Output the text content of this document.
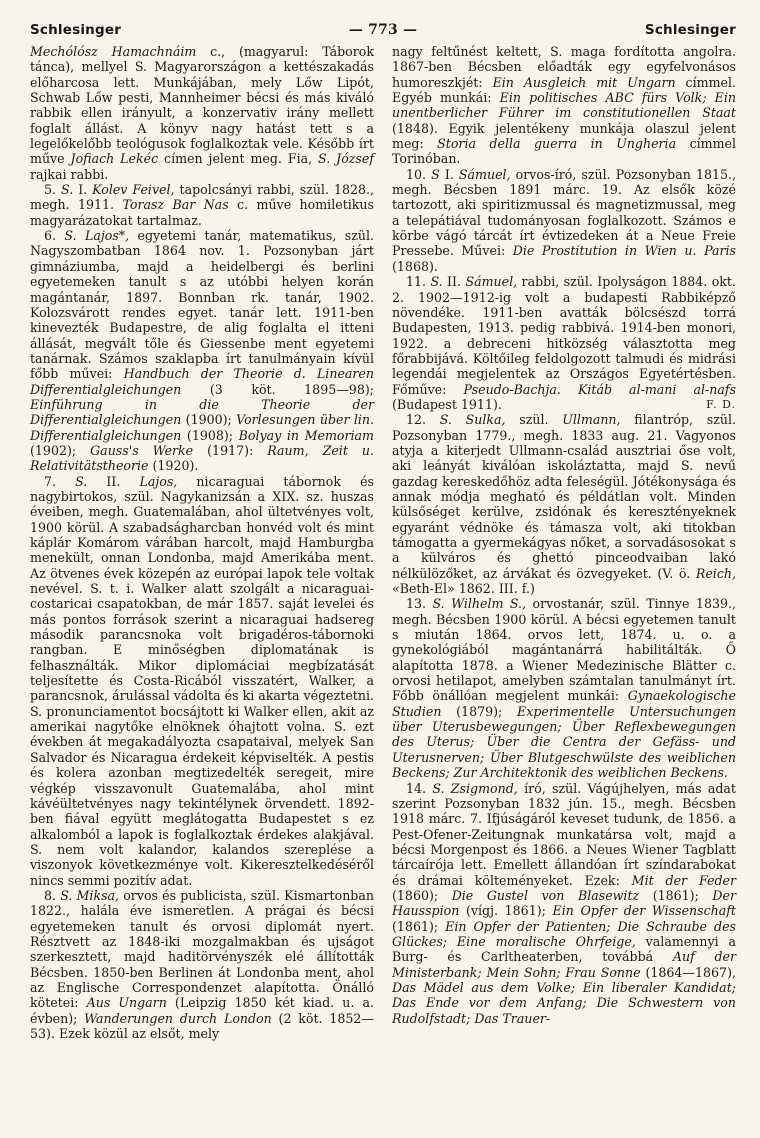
Schlesinger	— 773 —	Schlesinger

Mechólósz Hamachnáim c., (magyarul: Táborok tánca), mellyel S. Magyarországon a kettészakadás előharcosa lett. Munkájában, mely Lőw Lipót, Schwab Lőw pesti, Mannheimer bécsi és más kiváló rabbik ellen irányult, a konzervativ irány mellett foglalt állást. A könyv nagy hatást tett s a legelőkelőbb teológusok foglalkoztak vele. Később írt műve Jofiach Lekéc címen jelent meg. Fia, S. József rajkai rabbi.

5. S. I. Kolev Feivel, tapolcsányi rabbi, szül. 1828., megh. 1911. Torasz Bar Nas c. műve homiletikus magyarázatokat tartalmaz.

6. S. Lajos*, egyetemi tanár, matematikus, szül. Nagyszombatban 1864 nov. 1. Pozsonyban járt gimnáziumba, majd a heidelbergi és berlini egyetemeken tanult s az utóbbi helyen korán magántanár, 1897. Bonnban rk. tanár, 1902. Kolozsvárott rendes egyet. tanár lett. 1911-ben kinevezték Budapestre, de alig foglalta el itteni állását, megvált tőle és Giessenbe ment egyetemi tanárnak. Számos szaklapba írt tanulmányain kívül főbb művei: Handbuch der Theorie d. Linearen Differentialgleichungen (3 köt. 1895—98); Einführung in die Theorie der Differentialgleichungen (1900); Vorlesungen über lin. Differentialgleichungen (1908); Bolyay in Memoriam (1902); Gauss's Werke (1917): Raum, Zeit u. Relativitätstheorie (1920).

7. S. II. Lajos, nicaraguai tábornok és nagybirtokos, szül. Nagykanizsán a XIX. sz. huszas éveiben, megh. Guatemalában, ahol ültetvényes volt, 1900 körül. A szabadságharcban honvéd volt és mint káplár Komárom várában harcolt, majd Hamburgba menekült, onnan Londonba, majd Amerikába ment. Az ötvenes évek közepén az európai lapok tele voltak nevével. S. t. i. Walker alatt szolgált a nicaraguai-costaricai csapatokban, de már 1857. saját levelei és más pontos források szerint a nicaraguai hadsereg második parancsnoka volt brigadéros-tábornoki rangban. E minőségben diplomatának is felhasználták. Mikor diplomáciai megbízatását teljesítette és Costa-Ricából visszatért, Walker, a parancsnok, árulással vádolta és ki akarta végeztetni. S. pronunciamentot bocsájtott ki Walker ellen, akit az amerikai nagytőke elnöknek óhajtott volna. S. ezt években át megakadályozta csapataival, melyek San Salvador és Nicaragua érdekeit képviselték. A pestis és kolera azonban megtizedelték seregeit, mire végkép visszavonult Guatemalába, ahol mint kávéültetvényes nagy tekintélynek örvendett. 1892-ben fiával együtt meglátogatta Budapestet s ez alkalomból a lapok is foglalkoztak érdekes alakjával. S. nem volt kalandor, kalandos szereplése a viszonyok következménye volt. Kikeresztelkedéséről nincs semmi pozitív adat.

8. S. Miksa, orvos és publicista, szül. Kismartonban 1822., halála éve ismeretlen. A prágai és bécsi egyetemeken tanult és orvosi diplomát nyert. Résztvett az 1848-iki mozgalmakban és ujságot szerkesztett, majd haditörvényszék elé állították Bécsben. 1850-ben Berlinen át Londonba ment, ahol az Englische Correspondenzet alapította. Önálló kötetei: Aus Ungarn (Leipzig 1850 két kiad. u. a. évben); Wanderungen durch London (2 köt. 1852—53). Ezek közül az elsőt, mely

nagy feltűnést keltett, S. maga fordította angolra. 1867-ben Bécsben előadták egy egyfelvonásos humoreszkjét: Ein Ausgleich mit Ungarn címmel. Egyéb munkái: Ein politisches ABC fürs Volk; Ein unentberlicher Führer im constitutionellen Staat (1848). Egyik jelentékeny munkája olaszul jelent meg: Storia della guerra in Ungheria címmel Torinóban.

10. S I. Sámuel, orvos-író, szül. Pozsonyban 1815., megh. Bécsben 1891 márc. 19. Az elsők közé tartozott, aki spiritizmussal és magnetizmussal, meg a telepátiával tudományosan foglalkozott. Számos e körbe vágó tárcát írt évtizedeken át a Neue Freie Pressebe. Művei: Die Prostitution in Wien u. Paris (1868).

11. S. II. Sámuel, rabbi, szül. Ipolyságon 1884. okt. 2. 1902—1912-ig volt a budapesti Rabbiképző növendéke. 1911-ben avatták bölcsészd torrá Budapesten, 1913. pedig rabbivá. 1914-ben monori, 1922. a debreceni hitközség választotta meg főrabbijává. Költőileg feldolgozott talmudi és midrási legendái megjelentek az Országos Egyetértésben. Főműve: Pseudo-Bachja. Kitáb al-mani al-nafs (Budapest 1911).	F. D.

12. S. Sulka, szül. Ullmann, filantróp, szül. Pozsonyban 1779., megh. 1833 aug. 21. Vagyonos atyja a kiterjedt Ullmann-család ausztriai őse volt, aki leányát kiválóan iskoláztatta, majd S. nevű gazdag kereskedőhöz adta feleségül. Jótékonysága és annak módja megható és példátlan volt. Minden külsőséget kerülve, zsidónak és keresztényeknek egyaránt védnöke és támasza volt, aki titokban támogatta a gyermekágyas nőket, a sorvadásosokat s a külváros és ghettó pinceodvaiban lakó nélkülözőket, az árvákat és özvegyeket. (V. ö. Reich, «Beth-El» 1862. III. f.)

13. S. Wilhelm S., orvostanár, szül. Tinnye 1839., megh. Bécsben 1900 körül. A bécsi egyetemen tanult s miután 1864. orvos lett, 1874. u. o. a gynekológiából magántanárrá habilitálták. Ő alapította 1878. a Wiener Medezinische Blätter c. orvosi hetilapot, amelyben számtalan tanulmányt írt. Főbb önállóan megjelent munkái: Gynaekologische Studien (1879); Experimentelle Untersuchungen über Uterusbewegungen; Über Reflexbewegungen des Uterus; Über die Centra der Gefäss- und Uterusnerven; Über Blutgeschwülste des weiblichen Beckens; Zur Architektonik des weiblichen Beckens.

14. S. Zsigmond, író, szül. Vágújhelyen, más adat szerint Pozsonyban 1832 jún. 15., megh. Bécsben 1918 márc. 7. Ifjúságáról keveset tudunk, de 1856. a Pest-Ofener-Zeitungnak munkatársa volt, majd a bécsi Morgenpost és 1866. a Neues Wiener Tagblatt tárcaírója lett. Emellett állandóan írt színdarabokat és drámai költeményeket. Ezek: Mit der Feder (1860); Die Gustel von Blasewitz (1861); Der Hausspion (vígj. 1861); Ein Opfer der Wissenschaft (1861); Ein Opfer der Patienten; Die Schraube des Glückes; Eine moralische Ohrfeige, valamennyi a Burg- és Carltheaterben, továbbá Auf der Ministerbank; Mein Sohn; Frau Sonne (1864—1867), Das Mädel aus dem Volke; Ein liberaler Kandidat; Das Ende vor dem Anfang; Die Schwestern von Rudolfstadt; Das Trauer-
